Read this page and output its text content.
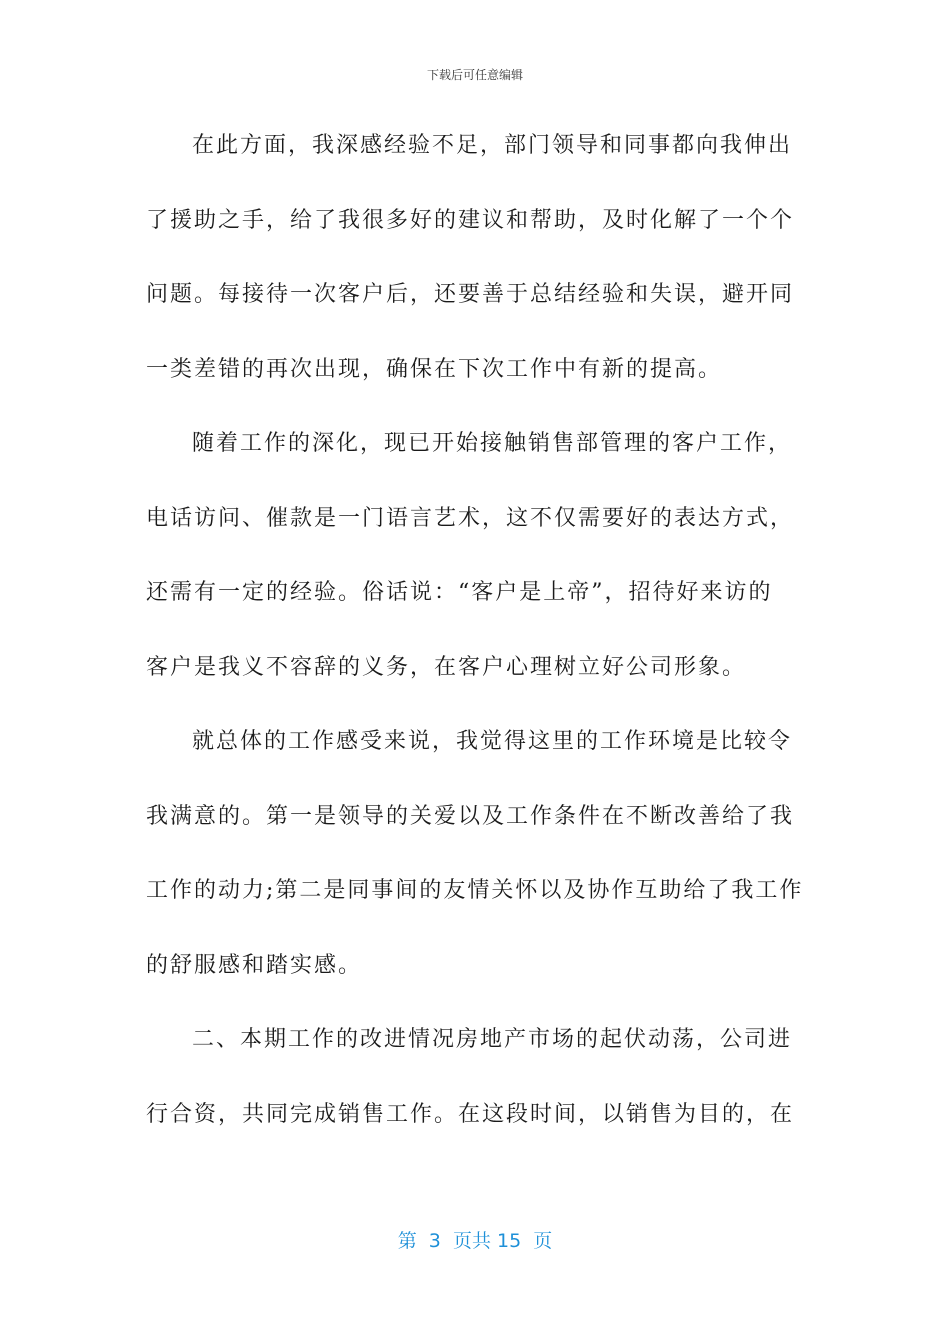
下载后可任意编辑
在此方面，我深感经验不足，部门领导和同事都向我伸出
了援助之手，给了我很多好的建议和帮助，及时化解了一个个
问题。每接待一次客户后，还要善于总结经验和失误，避开同
一类差错的再次出现，确保在下次工作中有新的提高。
随着工作的深化，现已开始接触销售部管理的客户工作，
电话访问、催款是一门语言艺术，这不仅需要好的表达方式，
还需有一定的经验。俗话说：“客户是上帝”，招待好来访的
客户是我义不容辞的义务，在客户心理树立好公司形象。
就总体的工作感受来说，我觉得这里的工作环境是比较令
我满意的。第一是领导的关爱以及工作条件在不断改善给了我
工作的动力;第二是同事间的友情关怀以及协作互助给了我工作
的舒服感和踏实感。
二、本期工作的改进情况房地产市场的起伏动荡，公司进
行合资，共同完成销售工作。在这段时间，以销售为目的，在
第  3  页共 15  页
